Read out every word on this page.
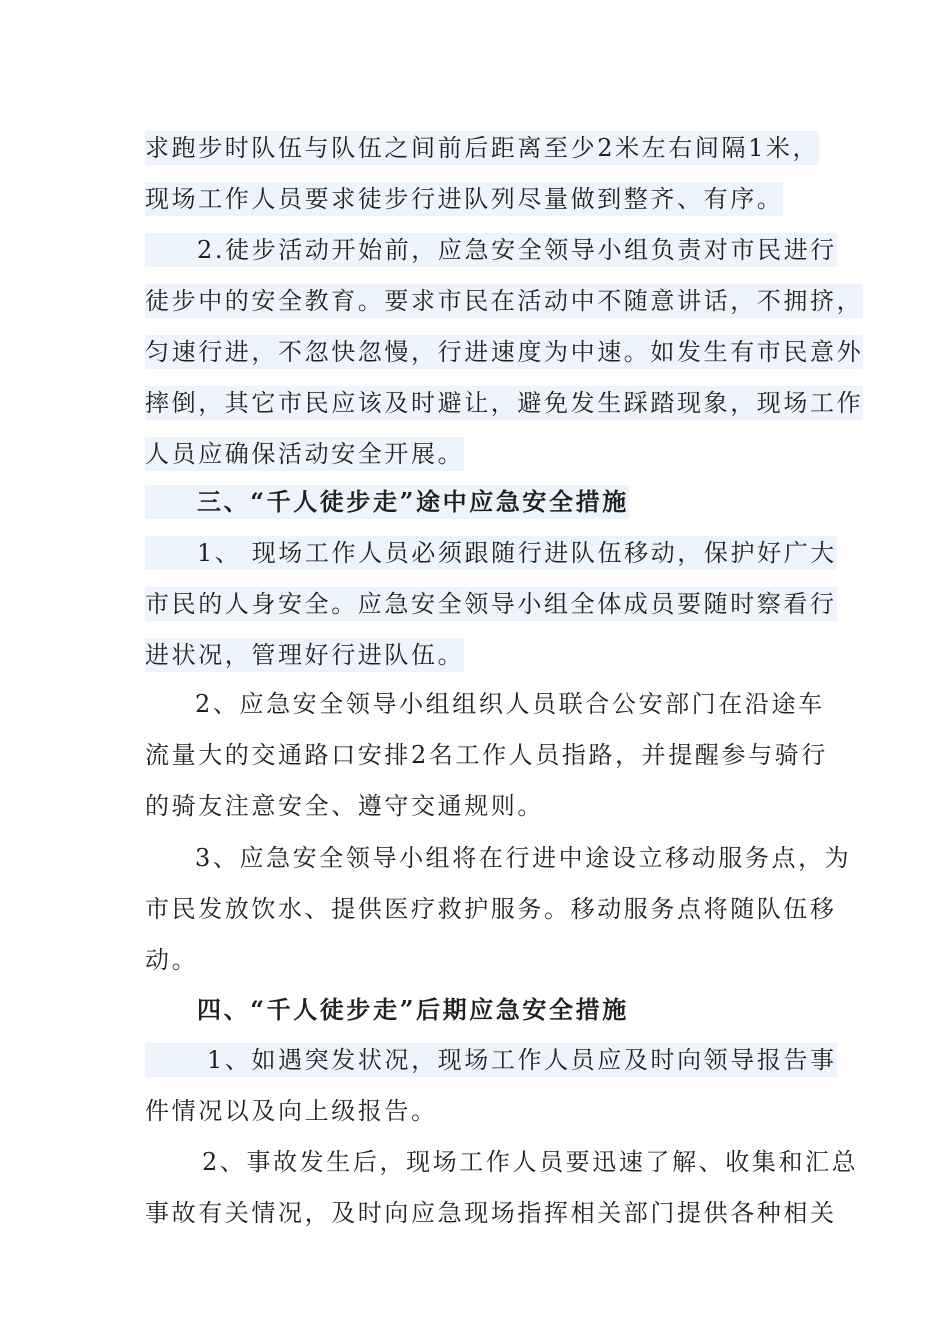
求跑步时队伍与队伍之间前后距离至少2米左右间隔1米，
现场工作人员要求徒步行进队列尽量做到整齐、有序。
2.徒步活动开始前，应急安全领导小组负责对市民进行
徒步中的安全教育。要求市民在活动中不随意讲话，不拥挤，
匀速行进，不忽快忽慢，行进速度为中速。如发生有市民意外
摔倒，其它市民应该及时避让，避免发生踩踏现象，现场工作
人员应确保活动安全开展。
三、“千人徒步走”途中应急安全措施
1、 现场工作人员必须跟随行进队伍移动，保护好广大
市民的人身安全。应急安全领导小组全体成员要随时察看行
进状况，管理好行进队伍。
2、应急安全领导小组组织人员联合公安部门在沿途车
流量大的交通路口安排2名工作人员指路，并提醒参与骑行
的骑友注意安全、遵守交通规则。
3、应急安全领导小组将在行进中途设立移动服务点，为
市民发放饮水、提供医疗救护服务。移动服务点将随队伍移
动。
四、“千人徒步走”后期应急安全措施
1、如遇突发状况，现场工作人员应及时向领导报告事
件情况以及向上级报告。
2、事故发生后，现场工作人员要迅速了解、收集和汇总
事故有关情况，及时向应急现场指挥相关部门提供各种相关
